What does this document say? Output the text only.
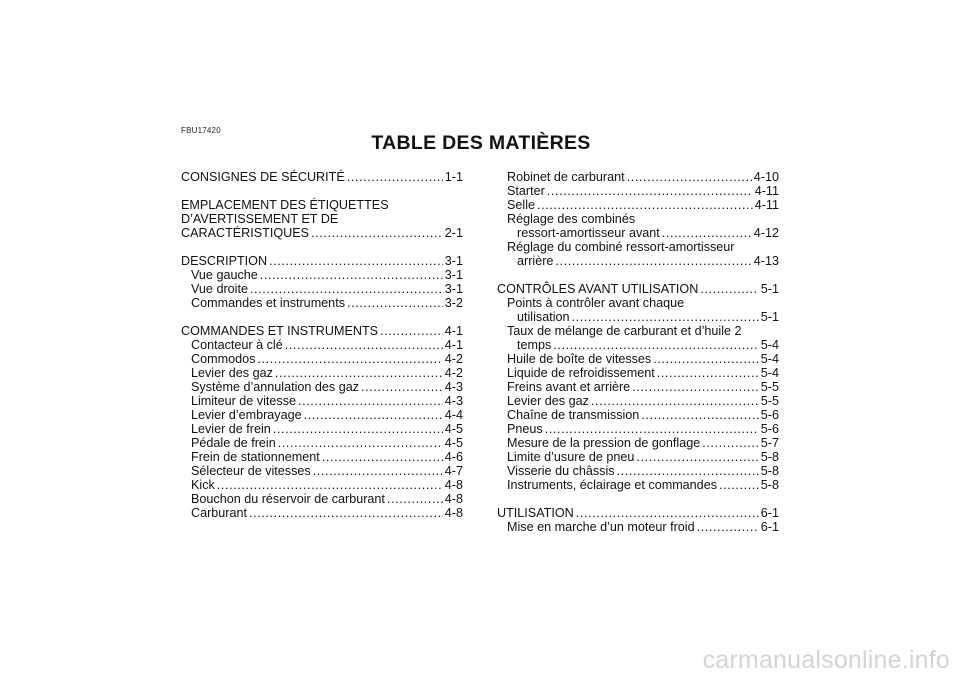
FBU17420
TABLE DES MATIÈRES
CONSIGNES DE SÉCURITÉ .....	1-1
EMPLACEMENT DES ÉTIQUETTES
D’AVERTISSEMENT ET DE
CARACTÉRISTIQUES .....	2-1
DESCRIPTION .....	3-1
Vue gauche .....	3-1
Vue droite .....	3-1
Commandes et instruments .....	3-2
COMMANDES ET INSTRUMENTS .....	4-1
Contacteur à clé .....	4-1
Commodos .....	4-2
Levier des gaz .....	4-2
Système d’annulation des gaz .....	4-3
Limiteur de vitesse .....	4-3
Levier d’embrayage .....	4-4
Levier de frein .....	4-5
Pédale de frein .....	4-5
Frein de stationnement .....	4-6
Sélecteur de vitesses .....	4-7
Kick .....	4-8
Bouchon du réservoir de carburant .....	4-8
Carburant .....	4-8
Robinet de carburant .....	4-10
Starter .....	4-11
Selle .....	4-11
Réglage des combinés
ressort-amortisseur avant .....	4-12
Réglage du combiné ressort-amortisseur
arrière .....	4-13
CONTRÔLES AVANT UTILISATION .....	5-1
Points à contrôler avant chaque
utilisation .....	5-1
Taux de mélange de carburant et d’huile 2
temps .....	5-4
Huile de boîte de vitesses .....	5-4
Liquide de refroidissement .....	5-4
Freins avant et arrière .....	5-5
Levier des gaz .....	5-5
Chaîne de transmission .....	5-6
Pneus .....	5-6
Mesure de la pression de gonflage .....	5-7
Limite d’usure de pneu .....	5-8
Visserie du châssis .....	5-8
Instruments, éclairage et commandes .....	5-8
UTILISATION .....	6-1
Mise en marche d’un moteur froid .....	6-1
carmanualsonline.info
